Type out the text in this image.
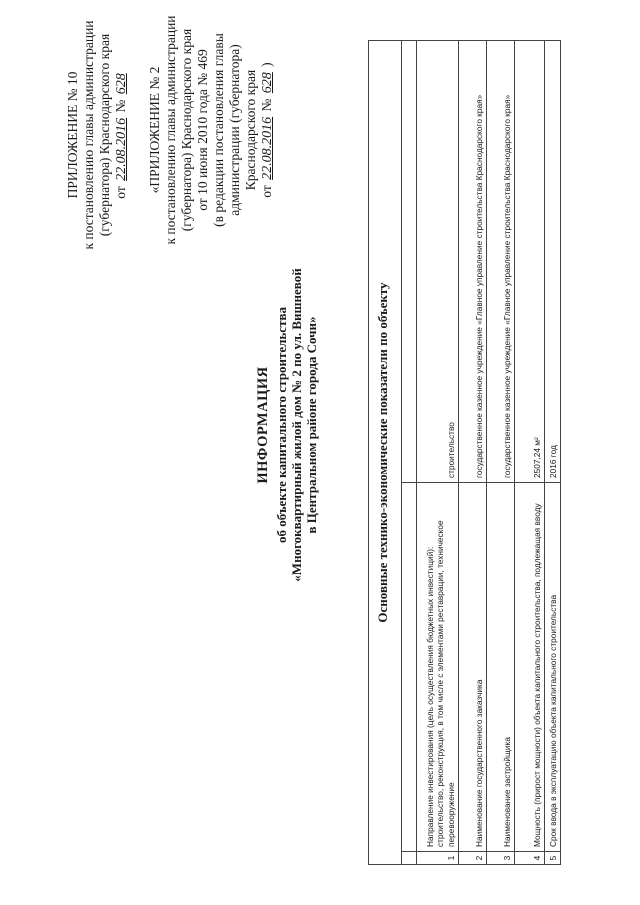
ПРИЛОЖЕНИЕ № 10 к постановлению главы администрации (губернатора) Краснодарского края от 22.08.2016 № 628 «ПРИЛОЖЕНИЕ № 2 к постановлению главы администрации (губернатора) Краснодарского края от 10 июня 2010 года № 469 (в редакции постановления главы администрации (губернатора) Краснодарского края
от 22.08.2016 № 628 )
ИНФОРМАЦИЯ об объекте капитального строительства «Многоквартирный жилой дом № 2 по ул. Вишневой в Центральном районе города Сочи»	Основные технико-экономические показатели по объекту		

1	Направление инвестирования (цель осуществления бюджетных инвестиций): строительство, реконструкция, в том числе с элементами реставрации, техническое перевооружение	строительство
2	Наименование государственного заказчика	государственное казенное учреждение «Главное управление строительства Краснодарского края»
3	Наименование застройщика	государственное казенное учреждение «Главное управление строительства Краснодарского края»
4	Мощность (прирост мощности) объекта капитального строительства, подлежащая вводу	2507,24 м²
5	Срок ввода в эксплуатацию объекта капитального строительства	2016 год
